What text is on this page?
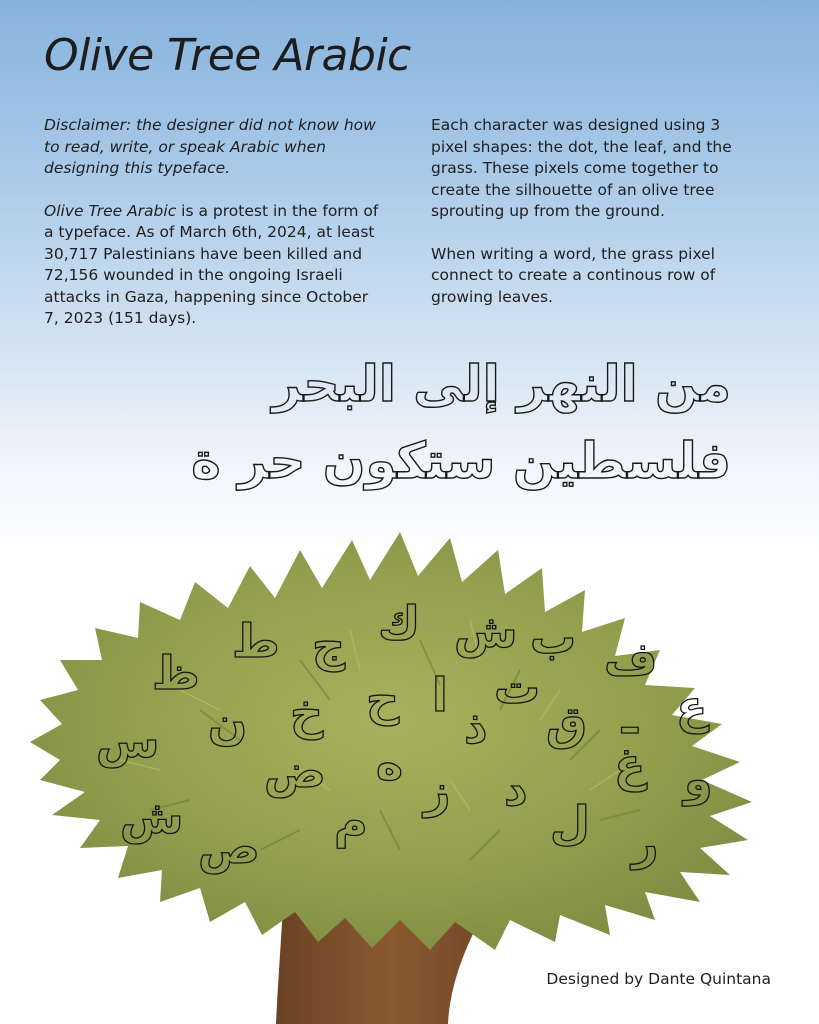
Olive Tree Arabic

Disclaimer: the designer did not know how to read, write, or speak Arabic when designing this typeface.

Olive Tree Arabic is a protest in the form of a typeface. As of March 6th, 2024, at least 30,717 Palestinians have been killed and 72,156 wounded in the ongoing Israeli attacks in Gaza, happening since October 7, 2023 (151 days).

Each character was designed using 3 pixel shapes: the dot, the leaf, and the grass. These pixels come together to create the silhouette of an olive tree sprouting up from the ground.

When writing a word, the grass pixel connect to create a continous row of growing leaves.

من النهر إلى البحر
فلسطين ستكون حر ة
ك ش ب
ج
ط	ف
ظ	ت
ا
ح
خ
ن	ع
ق
ذ	ـ
س	ه
ض ز د غ و
ش	م	ل
ص	ر
Designed by Dante Quintana
